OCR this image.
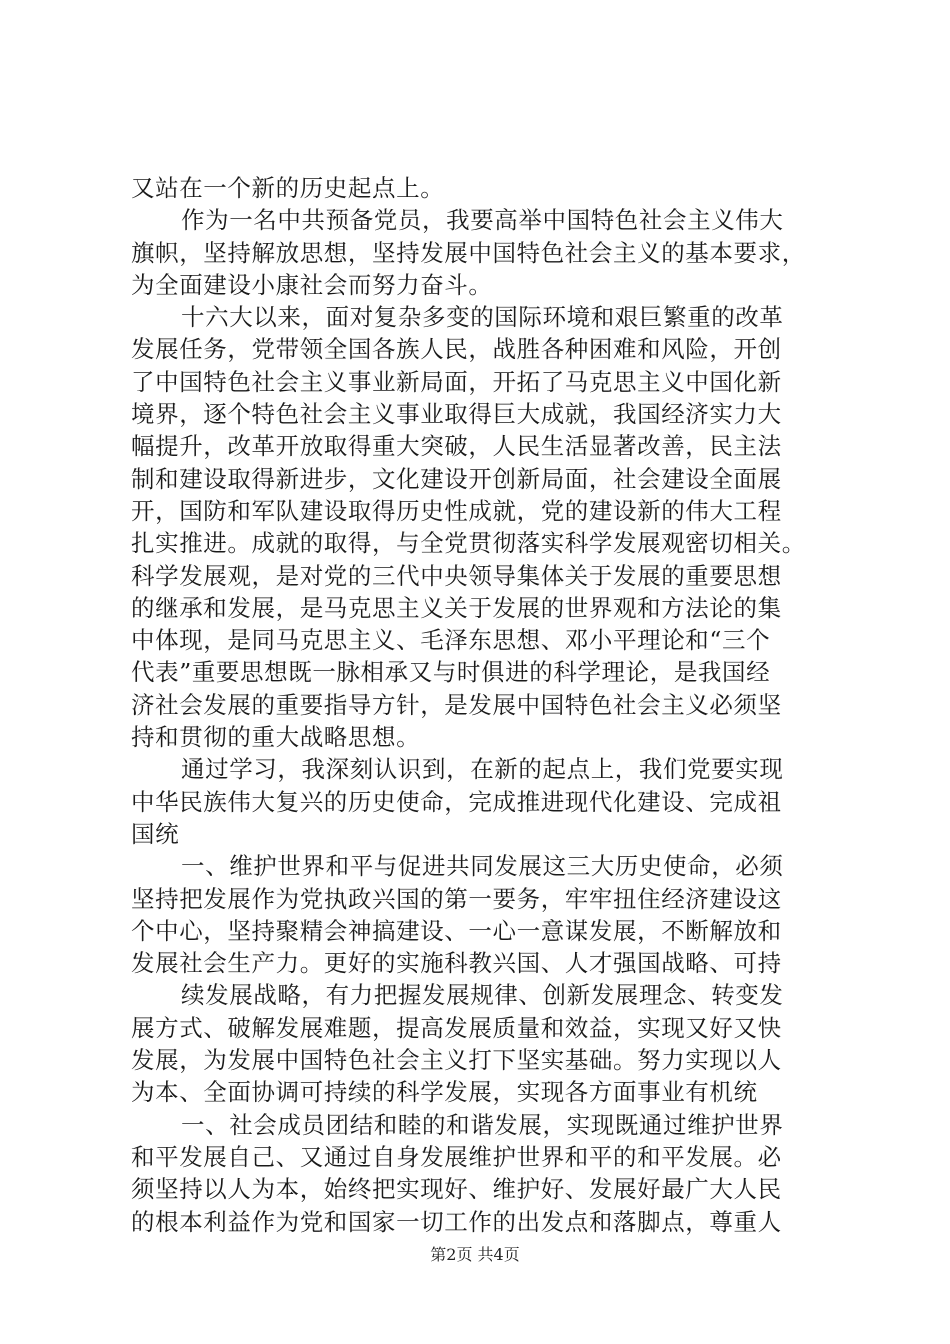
又站在一个新的历史起点上。
作为一名中共预备党员，我要高举中国特色社会主义伟大
旗帜，坚持解放思想，坚持发展中国特色社会主义的基本要求，
为全面建设小康社会而努力奋斗。
十六大以来，面对复杂多变的国际环境和艰巨繁重的改革
发展任务，党带领全国各族人民，战胜各种困难和风险，开创
了中国特色社会主义事业新局面，开拓了马克思主义中国化新
境界，逐个特色社会主义事业取得巨大成就，我国经济实力大
幅提升，改革开放取得重大突破，人民生活显著改善，民主法
制和建设取得新进步，文化建设开创新局面，社会建设全面展
开，国防和军队建设取得历史性成就，党的建设新的伟大工程
扎实推进。成就的取得，与全党贯彻落实科学发展观密切相关。
科学发展观，是对党的三代中央领导集体关于发展的重要思想
的继承和发展，是马克思主义关于发展的世界观和方法论的集
中体现，是同马克思主义、毛泽东思想、邓小平理论和“三个
代表”重要思想既一脉相承又与时俱进的科学理论，是我国经
济社会发展的重要指导方针，是发展中国特色社会主义必须坚
持和贯彻的重大战略思想。
通过学习，我深刻认识到，在新的起点上，我们党要实现
中华民族伟大复兴的历史使命，完成推进现代化建设、完成祖
国统
一、维护世界和平与促进共同发展这三大历史使命，必须
坚持把发展作为党执政兴国的第一要务，牢牢扭住经济建设这
个中心，坚持聚精会神搞建设、一心一意谋发展，不断解放和
发展社会生产力。更好的实施科教兴国、人才强国战略、可持
续发展战略，有力把握发展规律、创新发展理念、转变发
展方式、破解发展难题，提高发展质量和效益，实现又好又快
发展，为发展中国特色社会主义打下坚实基础。努力实现以人
为本、全面协调可持续的科学发展，实现各方面事业有机统
一、社会成员团结和睦的和谐发展，实现既通过维护世界
和平发展自己、又通过自身发展维护世界和平的和平发展。必
须坚持以人为本，始终把实现好、维护好、发展好最广大人民
的根本利益作为党和国家一切工作的出发点和落脚点，尊重人
第2页 共4页
